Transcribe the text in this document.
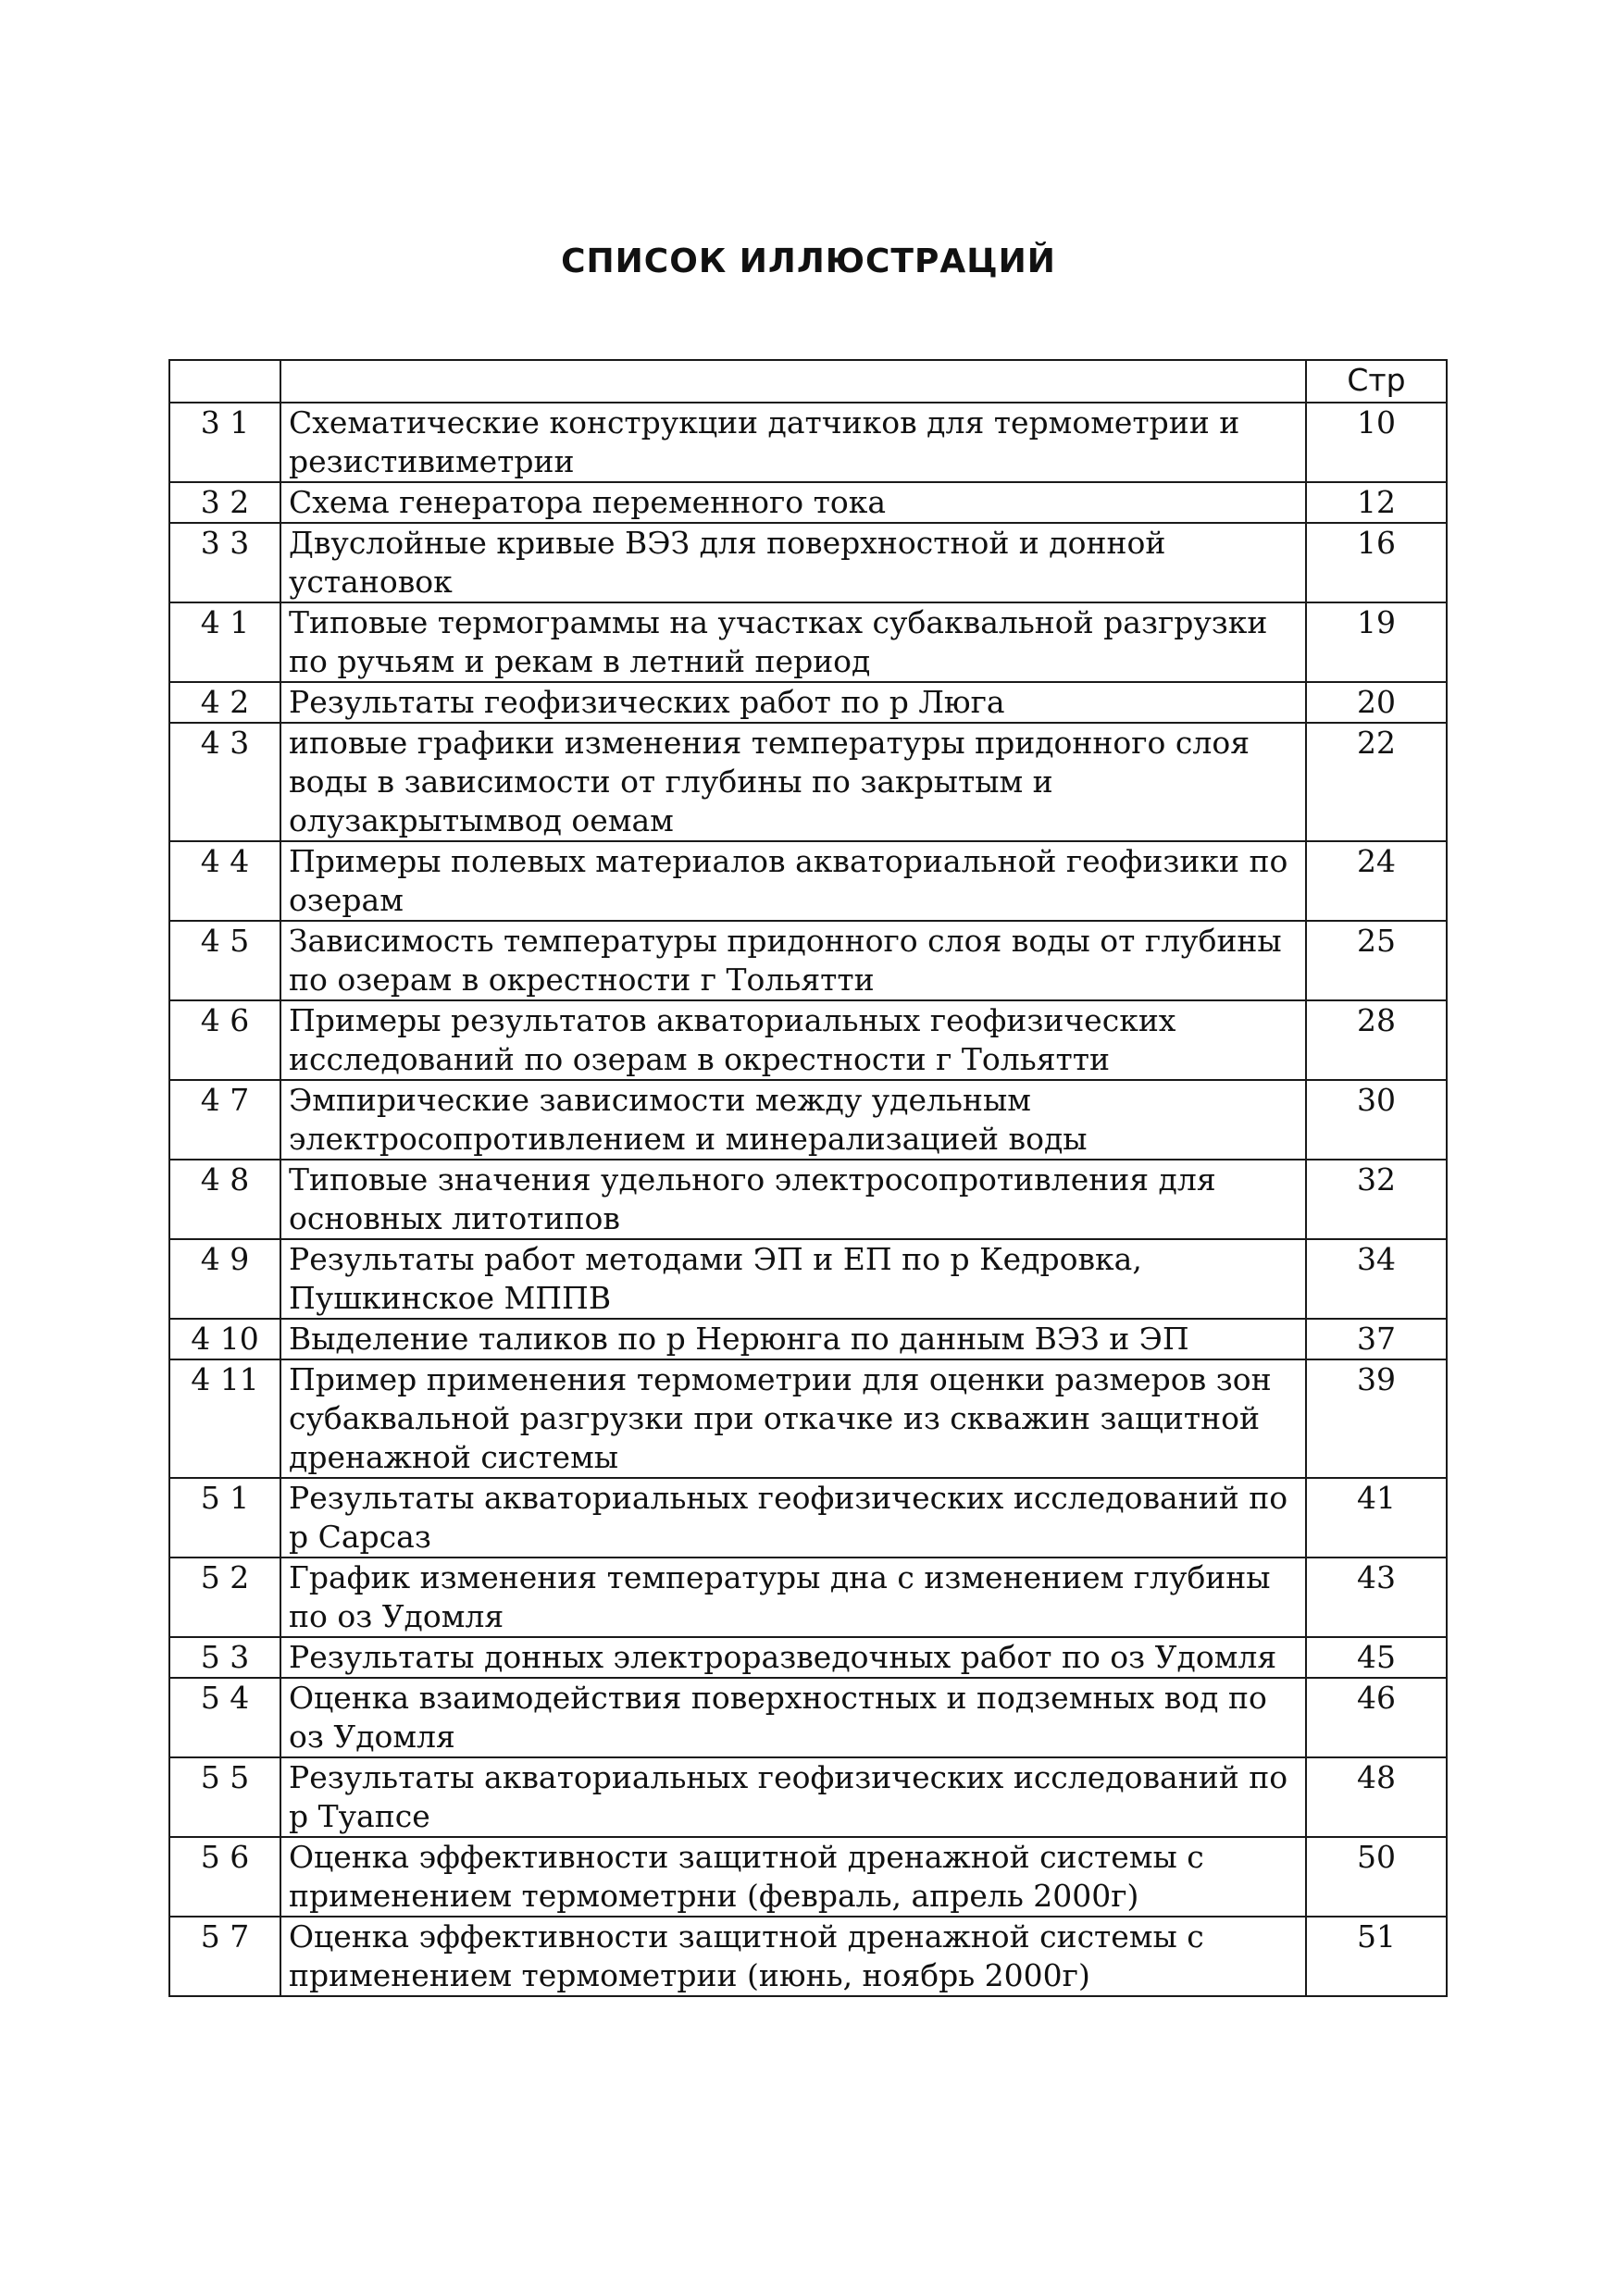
СПИСОК ИЛЛЮСТРАЦИЙ
		Стр
3 1	Схематические конструкции датчиков для термометрии и резистивиметрии	10
3 2	Схема генератора переменного тока	12
3 3	Двуслойные кривые ВЭЗ для поверхностной и донной установок	16
4 1	Типовые термограммы на участках субаквальной разгрузки по ручьям и рекам в летний период	19
4 2	Результаты геофизических работ по р Люга	20
4 3	иповые графики изменения температуры придонного слоя воды в зависимости от глубины по закрытым и олузакрытымвод оемам	22
4 4	Примеры полевых материалов акваториальной геофизики по озерам	24
4 5	Зависимость температуры придонного слоя воды от глубины по озерам в окрестности г Тольятти	25
4 6	Примеры результатов акваториальных геофизических исследований по озерам в окрестности г Тольятти	28
4 7	Эмпирические зависимости между удельным электросопротивлением и минерализацией воды	30
4 8	Типовые значения удельного электросопротивления для основных литотипов	32
4 9	Результаты работ методами ЭП и ЕП по р Кедровка, Пушкинское МППВ	34
4 10	Выделение таликов по р Нерюнга по данным ВЭЗ и ЭП	37
4 11	Пример применения термометрии для оценки размеров зон субаквальной разгрузки при откачке из скважин защитной дренажной системы	39
5 1	Результаты акваториальных геофизических исследований по р Сарсаз	41
5 2	График изменения температуры дна с изменением глубины по оз Удомля	43
5 3	Результаты донных электроразведочных работ по оз Удомля	45
5 4	Оценка взаимодействия поверхностных и подземных вод по оз Удомля	46
5 5	Результаты акваториальных геофизических исследований по р Туапсе	48
5 6	Оценка эффективности защитной дренажной системы с применением термометрни (февраль, апрель 2000г)	50
5 7	Оценка эффективности защитной дренажной системы с применением термометрии (июнь, ноябрь 2000г)	51
